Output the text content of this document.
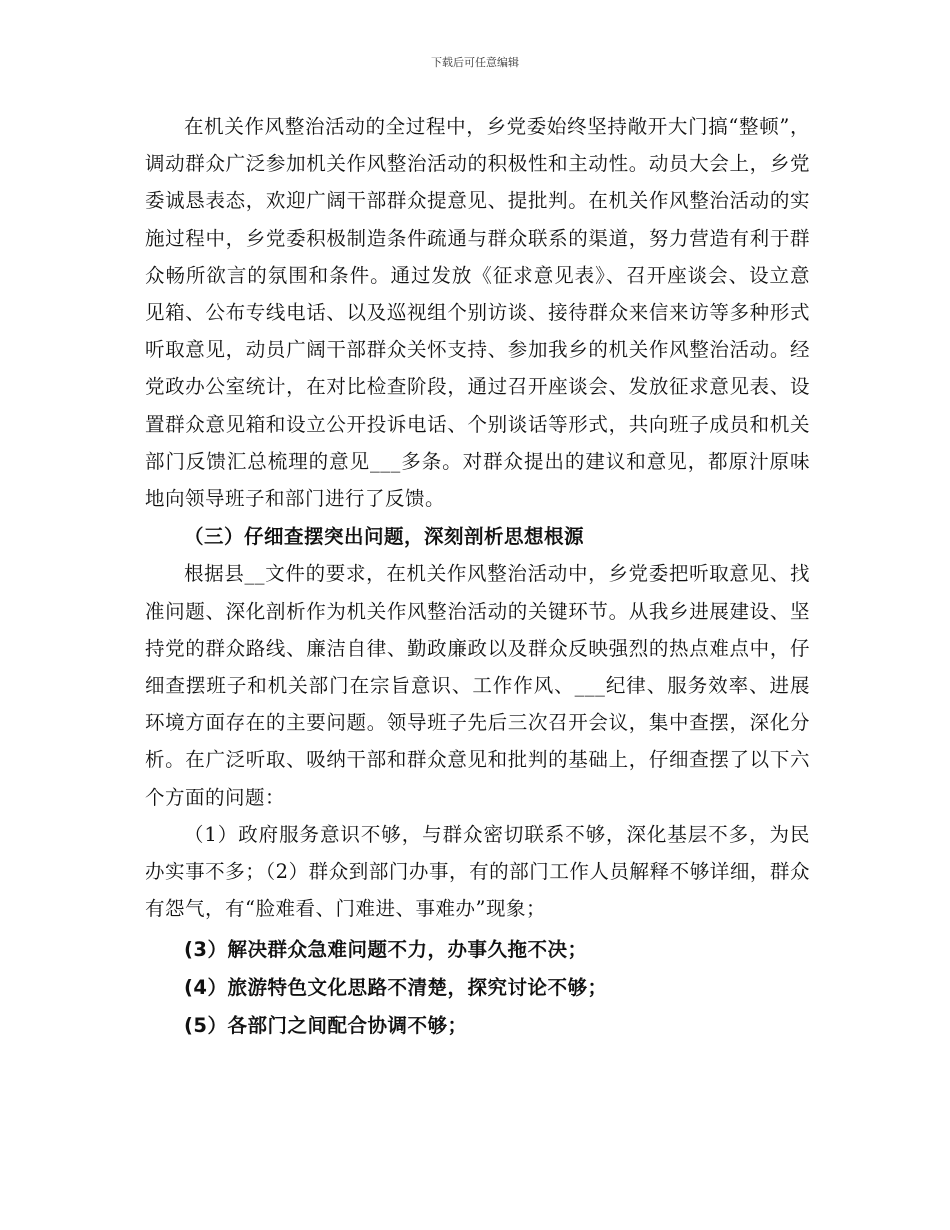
下载后可任意编辑

在机关作风整治活动的全过程中，乡党委始终坚持敞开大门搞“整顿”，调动群众广泛参加机关作风整治活动的积极性和主动性。动员大会上，乡党委诚恳表态，欢迎广阔干部群众提意见、提批判。在机关作风整治活动的实施过程中，乡党委积极制造条件疏通与群众联系的渠道，努力营造有利于群众畅所欲言的氛围和条件。通过发放《征求意见表》、召开座谈会、设立意见箱、公布专线电话、以及巡视组个别访谈、接待群众来信来访等多种形式听取意见，动员广阔干部群众关怀支持、参加我乡的机关作风整治活动。经党政办公室统计，在对比检查阶段，通过召开座谈会、发放征求意见表、设置群众意见箱和设立公开投诉电话、个别谈话等形式，共向班子成员和机关部门反馈汇总梳理的意见___多条。对群众提出的建议和意见，都原汁原味地向领导班子和部门进行了反馈。

（三）仔细查摆突出问题，深刻剖析思想根源

根据县__文件的要求，在机关作风整治活动中，乡党委把听取意见、找准问题、深化剖析作为机关作风整治活动的关键环节。从我乡进展建设、坚持党的群众路线、廉洁自律、勤政廉政以及群众反映强烈的热点难点中，仔细查摆班子和机关部门在宗旨意识、工作作风、___纪律、服务效率、进展环境方面存在的主要问题。领导班子先后三次召开会议，集中查摆，深化分析。在广泛听取、吸纳干部和群众意见和批判的基础上，仔细查摆了以下六个方面的问题：

（1）政府服务意识不够，与群众密切联系不够，深化基层不多，为民办实事不多；（2）群众到部门办事，有的部门工作人员解释不够详细，群众有怨气，有“脸难看、门难进、事难办”现象；

(3）解决群众急难问题不力，办事久拖不决；

(4）旅游特色文化思路不清楚，探究讨论不够；

(5）各部门之间配合协调不够；
